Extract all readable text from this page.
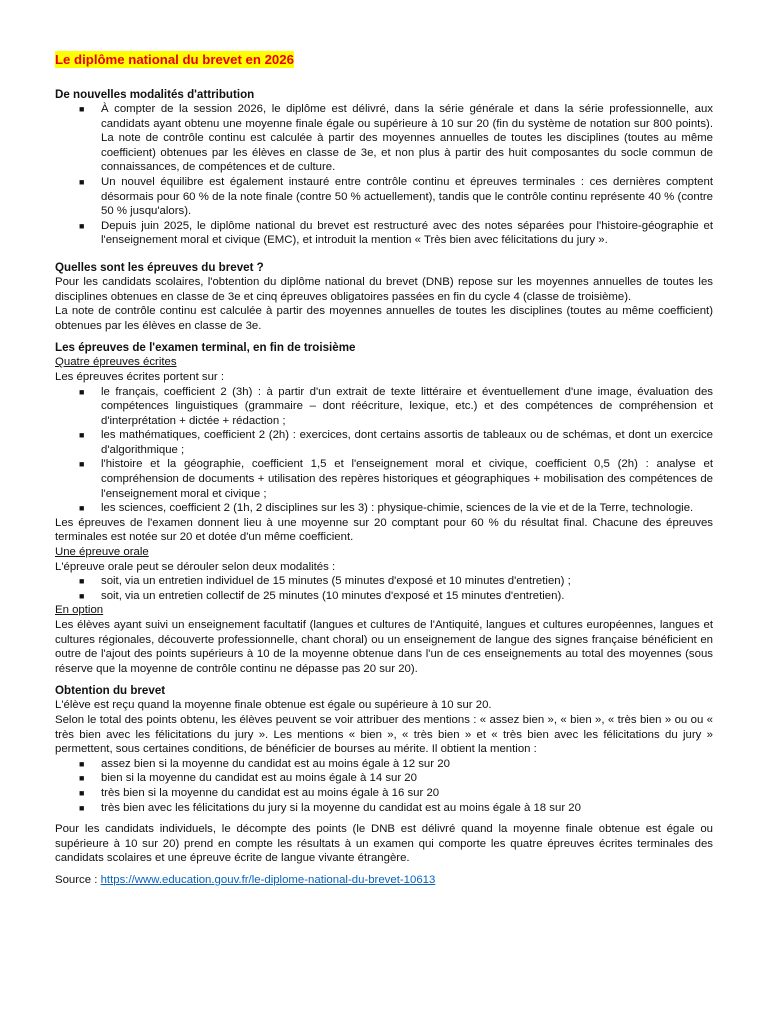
Le diplôme national du brevet en 2026
De nouvelles modalités d'attribution
■ À compter de la session 2026, le diplôme est délivré, dans la série générale et dans la série professionnelle, aux candidats ayant obtenu une moyenne finale égale ou supérieure à 10 sur 20 (fin du système de notation sur 800 points). La note de contrôle continu est calculée à partir des moyennes annuelles de toutes les disciplines (toutes au même coefficient) obtenues par les élèves en classe de 3e, et non plus à partir des huit composantes du socle commun de connaissances, de compétences et de culture.
■ Un nouvel équilibre est également instauré entre contrôle continu et épreuves terminales : ces dernières comptent désormais pour 60 % de la note finale (contre 50 % actuellement), tandis que le contrôle continu représente 40 % (contre 50 % jusqu'alors).
■ Depuis juin 2025, le diplôme national du brevet est restructuré avec des notes séparées pour l'histoire-géographie et l'enseignement moral et civique (EMC), et introduit la mention « Très bien avec félicitations du jury ».
Quelles sont les épreuves du brevet ?

Pour les candidats scolaires, l'obtention du diplôme national du brevet (DNB) repose sur les moyennes annuelles de toutes les disciplines obtenues en classe de 3e et cinq épreuves obligatoires passées en fin du cycle 4 (classe de troisième).

La note de contrôle continu est calculée à partir des moyennes annuelles de toutes les disciplines (toutes au même coefficient) obtenues par les élèves en classe de 3e.

Les épreuves de l'examen terminal, en fin de troisième

Quatre épreuves écrites

Les épreuves écrites portent sur :

■ le français, coefficient 2 (3h) : à partir d'un extrait de texte littéraire et éventuellement d'une image, évaluation des compétences linguistiques (grammaire – dont réécriture, lexique, etc.) et des compétences de compréhension et d'interprétation + dictée + rédaction ;
■ les mathématiques, coefficient 2 (2h) : exercices, dont certains assortis de tableaux ou de schémas, et dont un exercice d'algorithmique ;
■ l'histoire et la géographie, coefficient 1,5 et l'enseignement moral et civique, coefficient 0,5 (2h) : analyse et compréhension de documents + utilisation des repères historiques et géographiques + mobilisation des compétences de l'enseignement moral et civique ;
■ les sciences, coefficient 2 (1h, 2 disciplines sur les 3) : physique-chimie, sciences de la vie et de la Terre, technologie.

Les épreuves de l'examen donnent lieu à une moyenne sur 20 comptant pour 60 % du résultat final. Chacune des épreuves terminales est notée sur 20 et dotée d'un même coefficient.

Une épreuve orale

L'épreuve orale peut se dérouler selon deux modalités :

■ soit, via un entretien individuel de 15 minutes (5 minutes d'exposé et 10 minutes d'entretien) ;
■ soit, via un entretien collectif de 25 minutes (10 minutes d'exposé et 15 minutes d'entretien).

En option

Les élèves ayant suivi un enseignement facultatif (langues et cultures de l'Antiquité, langues et cultures européennes, langues et cultures régionales, découverte professionnelle, chant choral) ou un enseignement de langue des signes française bénéficient en outre de l'ajout des points supérieurs à 10 de la moyenne obtenue dans l'un de ces enseignements au total des moyennes (sous réserve que la moyenne de contrôle continu ne dépasse pas 20 sur 20).

Obtention du brevet

L'élève est reçu quand la moyenne finale obtenue est égale ou supérieure à 10 sur 20.

Selon le total des points obtenu, les élèves peuvent se voir attribuer des mentions : « assez bien », « bien », « très bien » ou ou « très bien avec les félicitations du jury ». Les mentions « bien », « très bien » et « très bien avec les félicitations du jury » permettent, sous certaines conditions, de bénéficier de bourses au mérite. Il obtient la mention :

■ assez bien si la moyenne du candidat est au moins égale à 12 sur 20
■ bien si la moyenne du candidat est au moins égale à 14 sur 20
■ très bien si la moyenne du candidat est au moins égale à 16 sur 20
■ très bien avec les félicitations du jury si la moyenne du candidat est au moins égale à 18 sur 20

Pour les candidats individuels, le décompte des points (le DNB est délivré quand la moyenne finale obtenue est égale ou supérieure à 10 sur 20) prend en compte les résultats à un examen qui comporte les quatre épreuves écrites terminales des candidats scolaires et une épreuve écrite de langue vivante étrangère.

Source : https://www.education.gouv.fr/le-diplome-national-du-brevet-10613
